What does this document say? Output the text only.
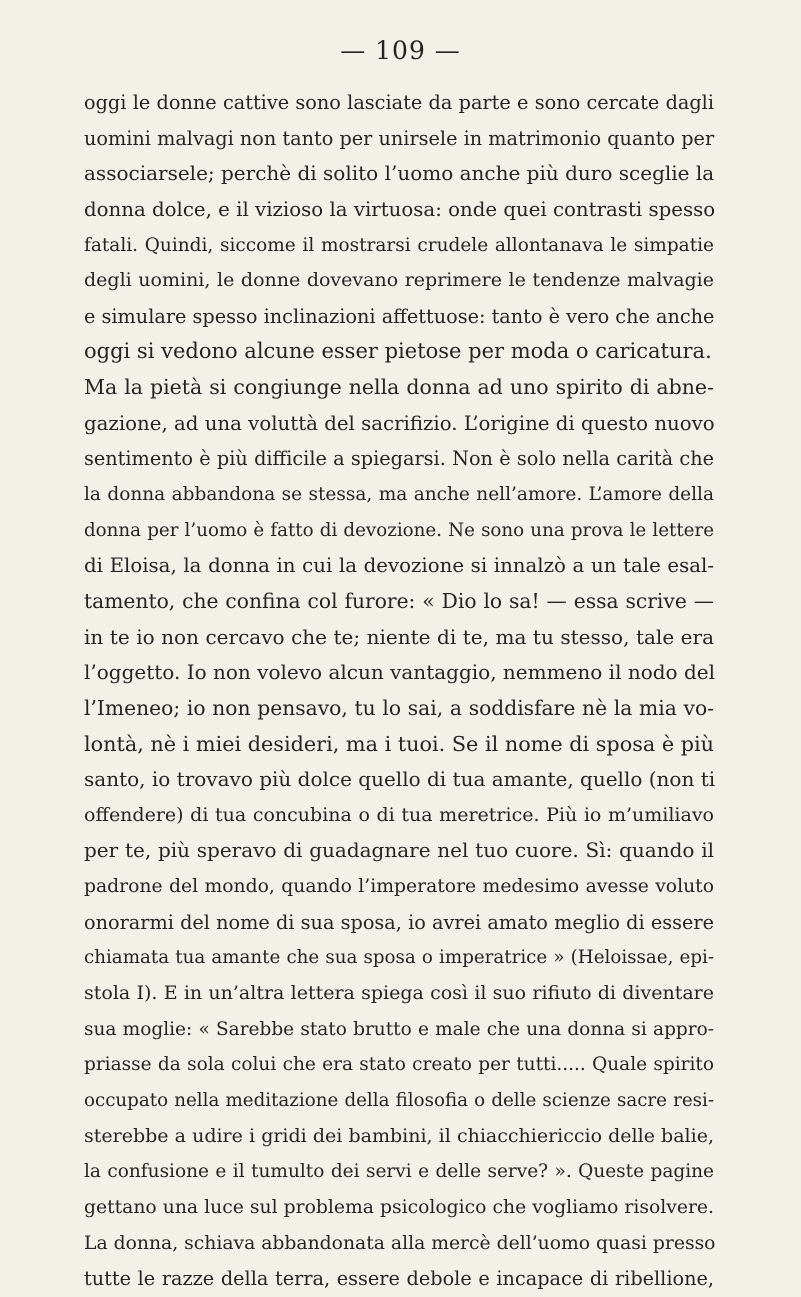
— 109 —
oggi le donne cattive sono lasciate da parte e sono cercate dagli
uomini malvagi non tanto per unirsele in matrimonio quanto per
associarsele; perchè di solito l’uomo anche più duro sceglie la
donna dolce, e il vizioso la virtuosa: onde quei contrasti spesso
fatali. Quindi, siccome il mostrarsi crudele allontanava le simpatie
degli uomini, le donne dovevano reprimere le tendenze malvagie
e simulare spesso inclinazioni affettuose: tanto è vero che anche
oggi si vedono alcune esser pietose per moda o caricatura.
Ma la pietà si congiunge nella donna ad uno spirito di abne-
gazione, ad una voluttà del sacrifizio. L’origine di questo nuovo
sentimento è più difficile a spiegarsi. Non è solo nella carità che
la donna abbandona se stessa, ma anche nell’amore. L’amore della
donna per l’uomo è fatto di devozione. Ne sono una prova le lettere
di Eloisa, la donna in cui la devozione si innalzò a un tale esal-
tamento, che confina col furore: « Dio lo sa! — essa scrive —
in te io non cercavo che te; niente di te, ma tu stesso, tale era
l’oggetto. Io non volevo alcun vantaggio, nemmeno il nodo del
l’Imeneo; io non pensavo, tu lo sai, a soddisfare nè la mia vo-
lontà, nè i miei desideri, ma i tuoi. Se il nome di sposa è più
santo, io trovavo più dolce quello di tua amante, quello (non ti
offendere) di tua concubina o di tua meretrice. Più io m’umiliavo
per te, più speravo di guadagnare nel tuo cuore. Sì: quando il
padrone del mondo, quando l’imperatore medesimo avesse voluto
onorarmi del nome di sua sposa, io avrei amato meglio di essere
chiamata tua amante che sua sposa o imperatrice » (Heloissae, epi-
stola I). E in un’altra lettera spiega così il suo rifiuto di diventare
sua moglie: « Sarebbe stato brutto e male che una donna si appro-
priasse da sola colui che era stato creato per tutti..... Quale spirito
occupato nella meditazione della filosofia o delle scienze sacre resi-
sterebbe a udire i gridi dei bambini, il chiacchiericcio delle balie,
la confusione e il tumulto dei servi e delle serve? ». Queste pagine
gettano una luce sul problema psicologico che vogliamo risolvere.
La donna, schiava abbandonata alla mercè dell’uomo quasi presso
tutte le razze della terra, essere debole e incapace di ribellione,
